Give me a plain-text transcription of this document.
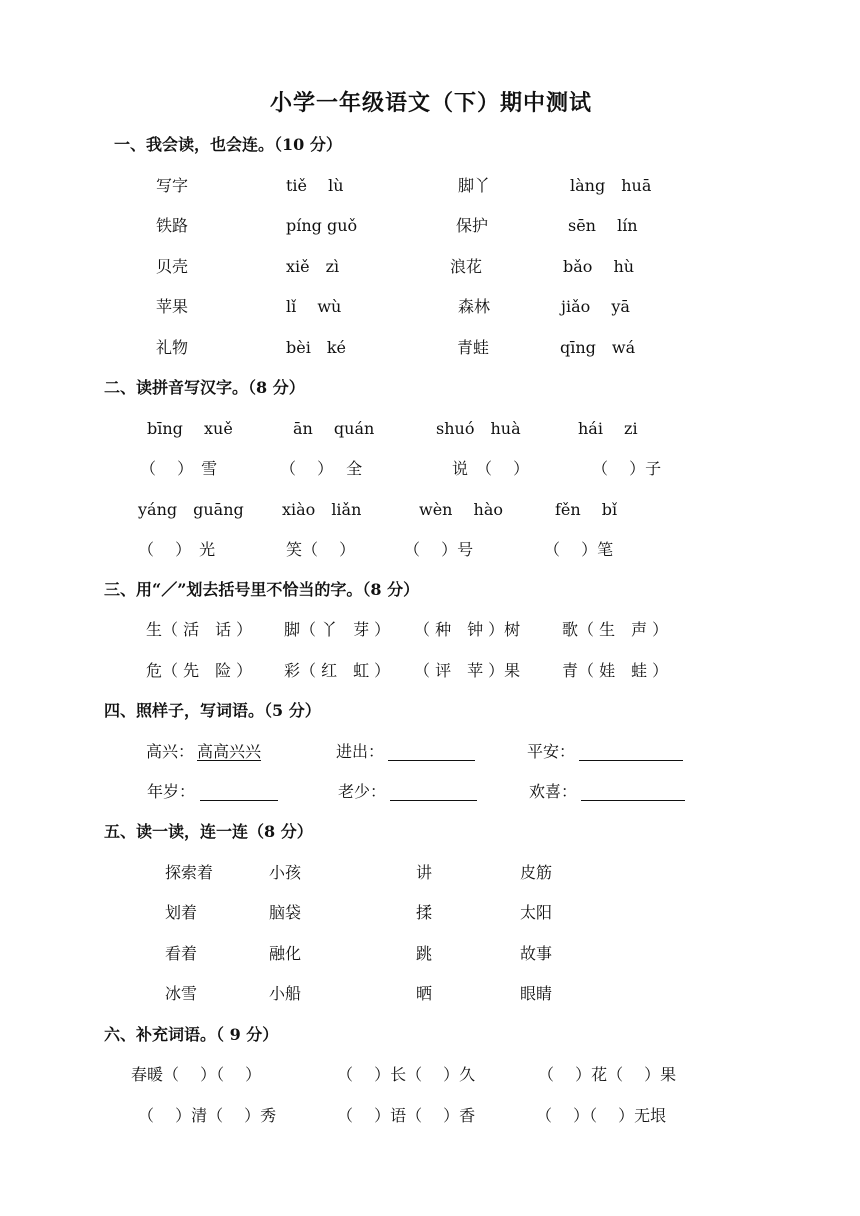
小学一年级语文（下）期中测试
一、我会读，也会连。（10 分）
写字	tiě　 lù	脚丫	làng　huā
铁路	píng guǒ	保护	sēn　 lín
贝壳	xiě　zì	浪花	bǎo　 hù
苹果	lǐ　 wù	森林	jiǎo　 yā
礼物	bèi　ké	青蛙	qīng　wá
二、读拼音写汉字。（8 分）
bīng　 xuě	ān　 quán	shuó　huà	hái　 zi
（　 ）　雪	（　 ）　 全	说　（　 ）	（　 ）子
yáng　guāng xiào　liǎn	wèn　 hào	fěn　 bǐ
（　 ）　光	笑（　 ）	（　 ）号	（　 ）笔
三、用“／”划去括号里不恰当的字。（8 分）
生（ 活　话 ） 脚（ 丫　芽 ） （ 种　钟 ）树	歌（ 生　声 ）
危（ 先　险 ） 彩（ 红　虹 ） （ 评　苹 ）果	青（ 娃　蛙 ）
四、照样子，写词语。（5 分）
高兴： 高高兴兴	进出：	平安：
年岁：	老少：	欢喜：
五、读一读，连一连（8 分）
探索着	小孩	讲	皮筋
划着	脑袋	揉	太阳
看着	融化	跳	故事
冰雪	小船	晒	眼睛
六、补充词语。（ 9 分）
春暖（　 ）（　 ）	（　 ）长（　 ）久	（　 ）花（　 ）果
（　 ）清（　 ）秀	（　 ）语（　 ）香	（　 ）（　 ）无垠
